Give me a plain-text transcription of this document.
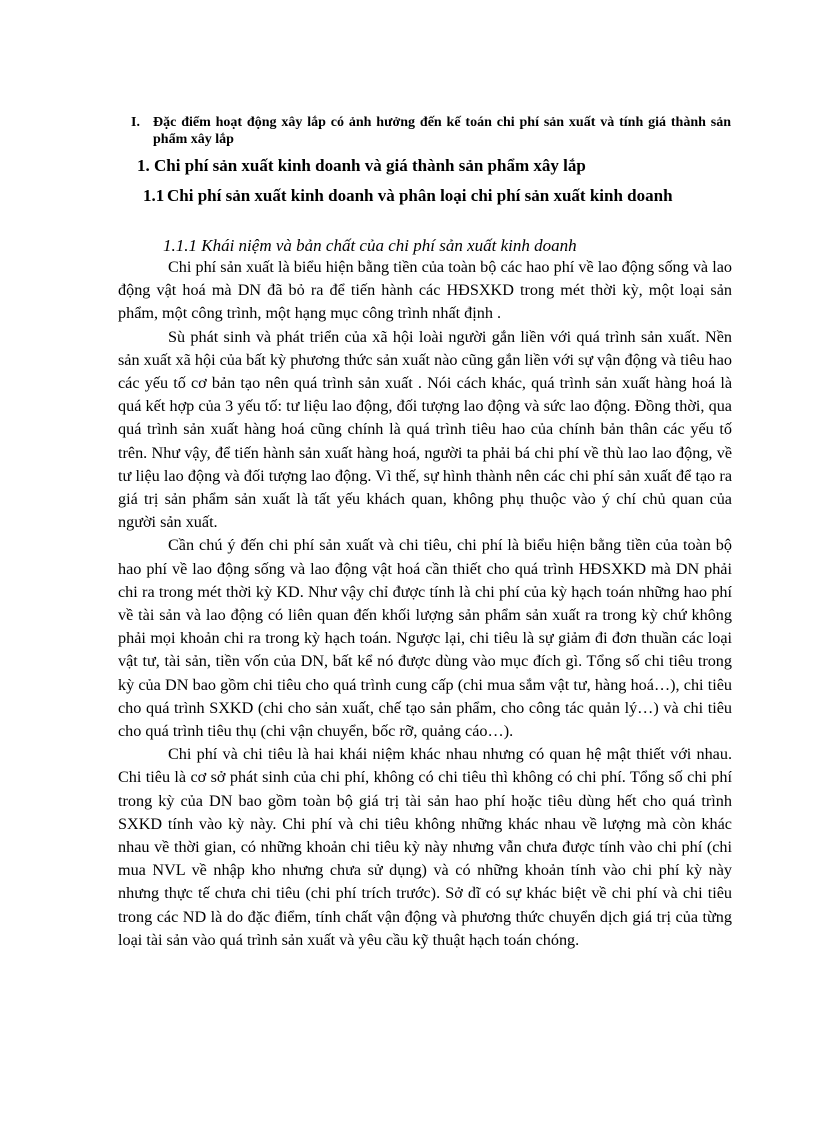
I. Đặc điểm hoạt động xây lắp có ảnh hưởng đến kế toán chi phí sản xuất và tính giá thành sản phẩm xây lắp
1. Chi phí sản xuất kinh doanh và giá thành sản phẩm xây lắp
1.1 Chi phí sản xuất kinh doanh và phân loại chi phí sản xuất kinh doanh
1.1.1 Khái niệm và bản chất của chi phí sản xuất kinh doanh

Chi phí sản xuất là biểu hiện bằng tiền của toàn bộ các hao phí về lao động sống và lao động vật hoá mà DN đã bỏ ra để tiến hành các HĐSXKD trong mét thời kỳ, một loại sản phẩm, một công trình, một hạng mục công trình nhất định .

Sù phát sinh và phát triển của xã hội loài người gắn liền với quá trình sản xuất. Nền sản xuất xã hội của bất kỳ phương thức sản xuất nào cũng gắn liền với sự vận động và tiêu hao các yếu tố cơ bản tạo nên quá trình sản xuất . Nói cách khác, quá trình sản xuất hàng hoá là quá kết hợp của 3 yếu tố: tư liệu lao động, đối tượng lao động và sức lao động. Đồng thời, qua quá trình sản xuất hàng hoá cũng chính là quá trình tiêu hao của chính bản thân các yếu tố trên. Như vậy, để tiến hành sản xuất hàng hoá, người ta phải bá chi phí về thù lao lao động, về tư liệu lao động và đối tượng lao động. Vì thế, sự hình thành nên các chi phí sản xuất để tạo ra giá trị sản phẩm sản xuất là tất yếu khách quan, không phụ thuộc vào ý chí chủ quan của người sản xuất.

Cần chú ý đến chi phí sản xuất và chi tiêu, chi phí là biểu hiện bằng tiền của toàn bộ hao phí về lao động sống và lao động vật hoá cần thiết cho quá trình HĐSXKD mà DN phải chi ra trong mét thời kỳ KD. Như vậy chỉ được tính là chi phí của kỳ hạch toán những hao phí về tài sản và lao động có liên quan đến khối lượng sản phẩm sản xuất ra trong kỳ chứ không phải mọi khoản chi ra trong kỳ hạch toán. Ngược lại, chi tiêu là sự giảm đi đơn thuần các loại vật tư, tài sản, tiền vốn của DN, bất kể nó được dùng vào mục đích gì. Tổng số chi tiêu trong kỳ của DN bao gồm chi tiêu cho quá trình cung cấp (chi mua sắm vật tư, hàng hoá…), chi tiêu cho quá trình SXKD (chi cho sản xuất, chế tạo sản phẩm, cho công tác quản lý…) và chi tiêu cho quá trình tiêu thụ (chi vận chuyển, bốc rỡ, quảng cáo…).

Chi phí và chi tiêu là hai khái niệm khác nhau nhưng có quan hệ mật thiết với nhau. Chi tiêu là cơ sở phát sinh của chi phí, không có chi tiêu thì không có chi phí. Tổng số chi phí trong kỳ của DN bao gồm toàn bộ giá trị tài sản hao phí hoặc tiêu dùng hết cho quá trình SXKD tính vào kỳ này. Chi phí và chi tiêu không những khác nhau về lượng mà còn khác nhau về thời gian, có những khoản chi tiêu kỳ này nhưng vẫn chưa được tính vào chi phí (chi mua NVL về nhập kho nhưng chưa sử dụng) và có những khoản tính vào chi phí kỳ này nhưng thực tế chưa chi tiêu (chi phí trích trước). Sở dĩ có sự khác biệt về chi phí và chi tiêu trong các ND là do đặc điểm, tính chất vận động và phương thức chuyển dịch giá trị của từng loại tài sản vào quá trình sản xuất và yêu cầu kỹ thuật hạch toán chóng.
